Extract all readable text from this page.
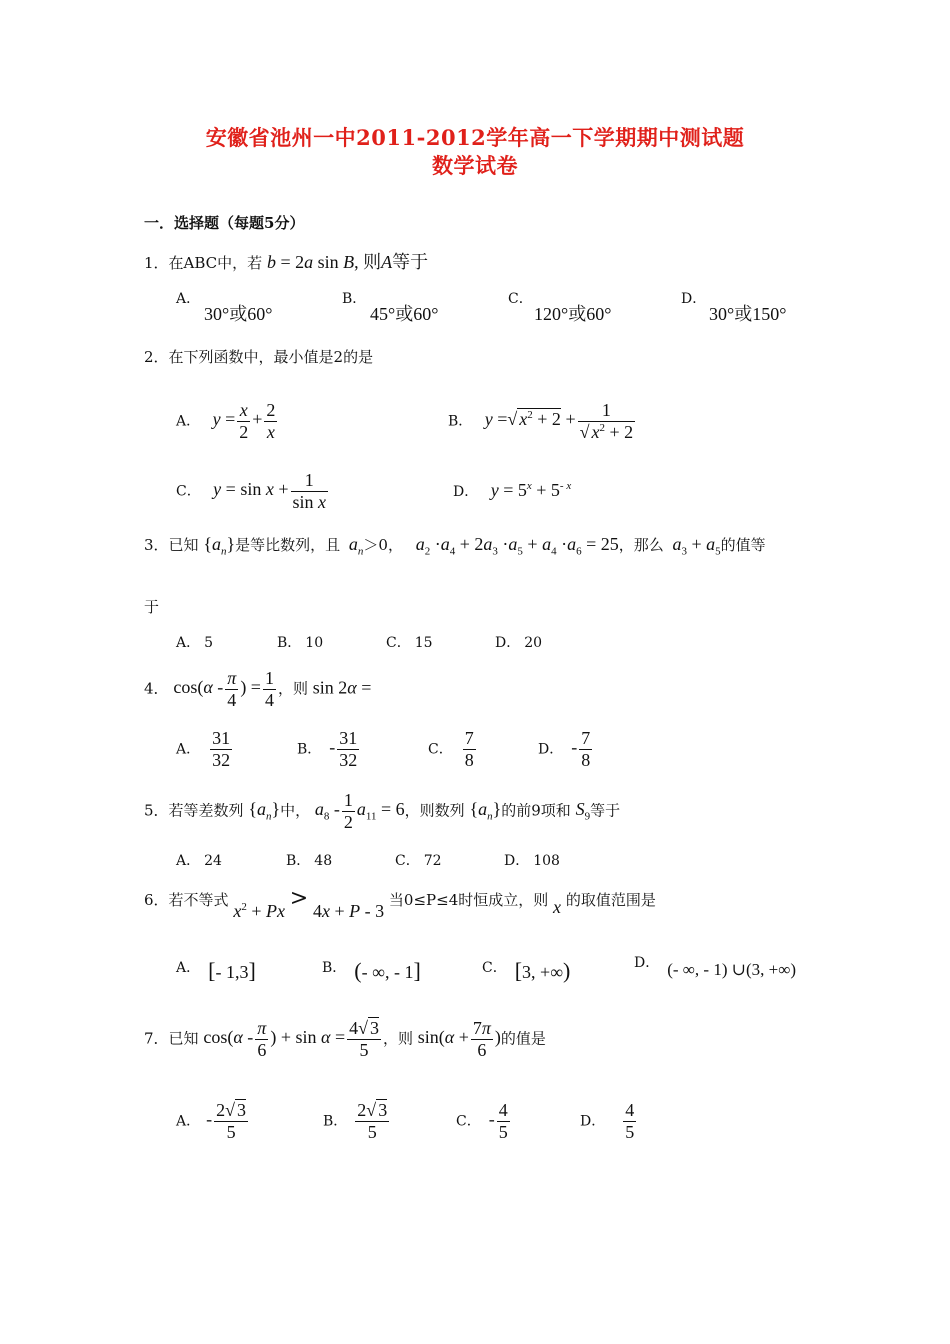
安徽省池州一中2011-2012学年高一下学期期中测试题
数学试卷
一．选择题（每题5分）
1．在ABC中，若 b = 2a sin B, 则A等于
A．
30°或60°
B．
45°或60°
C．
120°或60°
D．
30°或150°
2．在下列函数中，最小值是2的是
A． $y = \frac{x}{2} + \frac{2}{x}$	B． y =√ $x^2 + 2 + \frac{1}{√ x^2 + 2}$
C． $y = \sin x + \frac{1}{\text{sin x}}$	D． $y = 5^x + 5^{- x}$
3．已知 $\{a_n\}$是等比数列，且 $a_n>0$， $a_2 \cdot a_4 + 2a_3 \cdot a_5 + a_4 \cdot a_6 = 25$，那么 $a_3 + a_5$的值等
于
A． 5	B． 10	C． 15	D． 20
4． $\cos(\alpha - \frac{\pi}{4}$ ) = $\frac{1}{4}$ ，则 sin 2α =
A． $\frac{31}{32}$	B． - $\frac{31}{32}$	C． $\frac{7}{8}$	D． - $\frac{7}{8}$
5．若等差数列 $\{a_n\}$中， $a_8 - \frac{1}{2} a_{11} = 6$，则数列 $\{a_n\}$的前9项和 $S_9$等于
A． 24	B． 48	C． 72	D． 108
6．若不等式 $x^2 + Px > 4x + P - 3$ 当0≤P≤4时恒成立，则 x 的取值范围是
A． [- 1,3]	B． (- ∞, - 1]	C． [3, +∞)	D． (- ∞, - 1) ∪(3, +∞)
7．已知 $\cos(\alpha - \frac{\pi}{6}$ ) + $\sin \alpha = \frac{4√ 3}{5}$ ，则 $\sin(\alpha + \frac{7\pi}{6}$ )的值是
A． - $\frac{2√ 3}{5}$	B． $\frac{2√ 3}{5}$	C． - $\frac{4}{5}$	D． $\frac{4}{5}$
